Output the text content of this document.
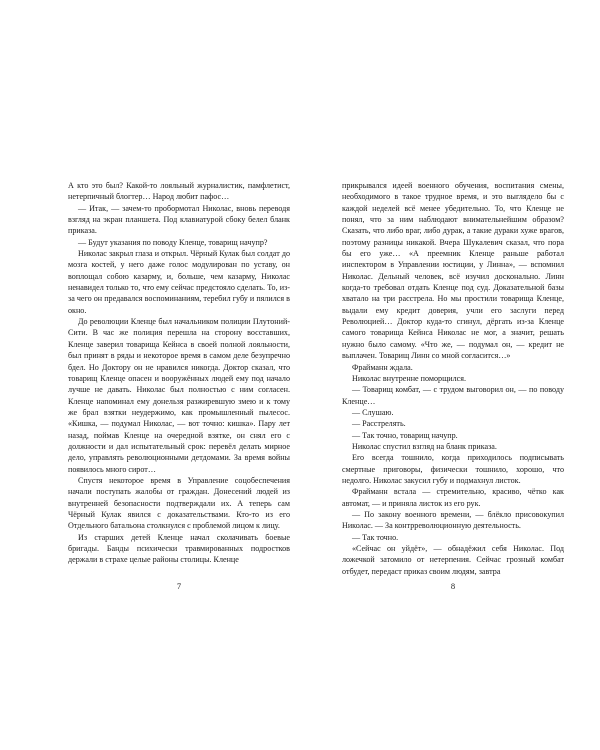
А кто это был? Какой-то лояльный журналистик, памфлетист, нетерпичный блогтер… Народ любит пафос…

— Итак, — зачем-то пробормотал Николас, вновь переводя взгляд на экран планшета. Под клавиатурой сбоку белел бланк приказа.

— Будут указания по поводу Кленце, товарищ начупр?

Николас закрыл глаза и открыл. Чёрный Кулак был солдат до мозга костей, у него даже голос модулирован по уставу, он воплощал собою казарму, и, больше, чем казарму, Николас ненавидел только то, что ему сейчас предстояло сделать. То, из-за чего он предавался воспоминаниям, теребил губу и пялился в окно.

До революции Кленце был начальником полиции Плутоний-Сити. В час же полиция перешла на сторону восставших, Кленце заверил товарища Кейнса в своей полной лояльности, был принят в ряды и некоторое время в самом деле безупречно бдел. Но Доктору он не нравился никогда. Доктор сказал, что товарищ Кленце опасен и вооружённых людей ему под начало лучше не давать. Николас был полностью с ним согласен. Кленце напоминал ему донельзя разжиревшую змею и к тому же брал взятки неудержимо, как промышленный пылесос. «Кишка, — подумал Николас, — вот точно: кишка». Пару лет назад, поймав Кленце на очередной взятке, он снял его с должности и дал испытательный срок: перевёл делать мирное дело, управлять революционными детдомами. За время войны появилось много сирот…

Спустя некоторое время в Управление соцобеспечения начали поступать жалобы от граждан. Донесений людей из внутренней безопасности подтверждали их. А теперь сам Чёрный Кулак явился с доказательствами. Кто-то из его Отдельного батальона столкнулся с проблемой лицом к лицу.

Из старших детей Кленце начал сколачивать боевые бригады. Банды психически травмированных подростков держали в страхе целые районы столицы. Кленце

прикрывался идеей военного обучения, воспитания смены, необходимого в такое трудное время, и это выглядело бы с каждой неделей всё менее убедительно. То, что Кленце не понял, что за ним наблюдают внимательнейшим образом? Сказать, что либо враг, либо дурак, а такие дураки хуже врагов, поэтому разницы никакой. Вчера Шукалевич сказал, что пора бы его уже… «А преемник Кленце раньше работал инспектором в Управлении юстиции, у Линна», — вспомнил Николас. Дельный человек, всё изучил досконально. Линн когда-то требовал отдать Кленце под суд. Доказательной базы хватало на три расстрела. Но мы простили товарища Кленце, выдали ему кредит доверия, учли его заслуги перед Революцией… Доктор куда-то сгинул, дёргать из-за Кленце самого товарища Кейнса Николас не мог, а значит, решать нужно было самому. «Что же, — подумал он, — кредит не выплачен. Товарищ Линн со мной согласится…»

Фрайманн ждала.

Николас внутренне поморщился.

— Товарищ комбат, — с трудом выговорил он, — по поводу Кленце…

— Слушаю.

— Расстрелять.

— Так точно, товарищ начупр.

Николас спустил взгляд на бланк приказа.

Его всегда тошнило, когда приходилось подписывать смертные приговоры, физически тошнило, хорошо, что недолго. Николас закусил губу и подмахнул листок.

Фрайманн встала — стремительно, красиво, чётко как автомат, — и приняла листок из его рук.

— По закону военного времени, — блёкло присовокупил Николас. — За контрреволюционную деятельность.

— Так точно.

«Сейчас он уйдёт», — обнадёжил себя Николас. Под ложечкой затомило от нетерпения. Сейчас грозный комбат отбудет, передаст приказ своим людям, завтра

7	8
